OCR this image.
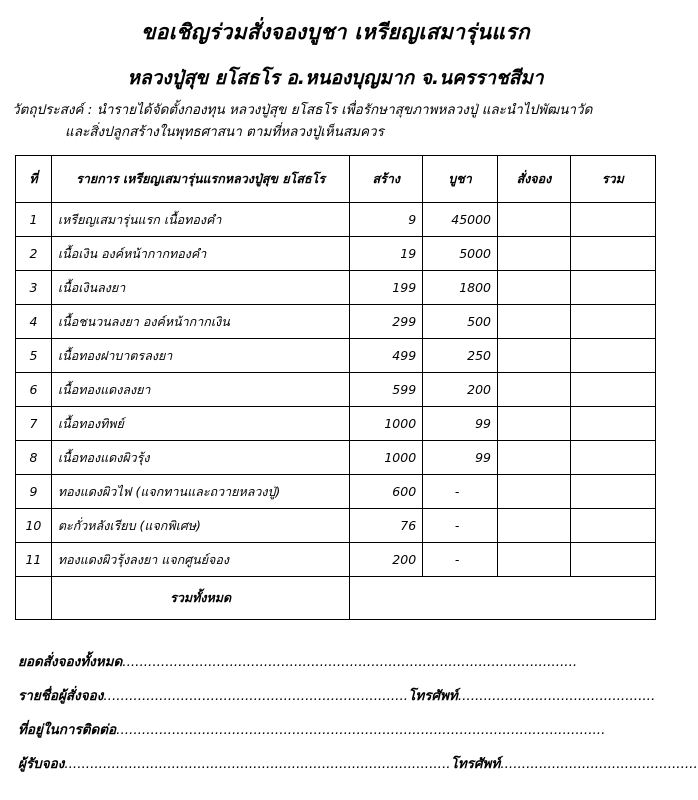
ขอเชิญร่วมสั่งจองบูชา เหรียญเสมารุ่นแรก
หลวงปู่สุข ยโสธโร อ.หนองบุญมาก จ.นครราชสีมา
วัตถุประสงค์ : นำรายได้จัดตั้งกองทุน หลวงปู่สุข ยโสธโร เพื่อรักษาสุขภาพหลวงปู่ และนำไปพัฒนาวัด
และสิ่งปลูกสร้างในพุทธศาสนา ตามที่หลวงปู่เห็นสมควร
ที่	รายการ เหรียญเสมารุ่นแรกหลวงปู่สุข ยโสธโร	สร้าง	บูชา	สั่งจอง	รวม
1	เหรียญเสมารุ่นแรก เนื้อทองคำ	9	45000		
2	เนื้อเงิน องค์หน้ากากทองคำ	19	5000		
3	เนื้อเงินลงยา	199	1800		
4	เนื้อชนวนลงยา องค์หน้ากากเงิน	299	500		
5	เนื้อทองฝาบาตรลงยา	499	250		
6	เนื้อทองแดงลงยา	599	200		
7	เนื้อทองทิพย์	1000	99		
8	เนื้อทองแดงผิวรุ้ง	1000	99		
9	ทองแดงผิวไฟ (แจกทานและถวายหลวงปู่)	600	-		
10	ตะกั่วหลังเรียบ (แจกพิเศษ)	76	-		
11	ทองแดงผิวรุ้งลงยา แจกศูนย์จอง	200	-		
	รวมทั้งหมด				
ยอดสั่งจองทั้งหมด..........................................................................................................
รายชื่อผู้สั่งจอง.......................................................................โทรศัพท์..............................................
ที่อยู่ในการติดต่อ..................................................................................................................
ผู้รับจอง..........................................................................................โทรศัพท์..............................................
